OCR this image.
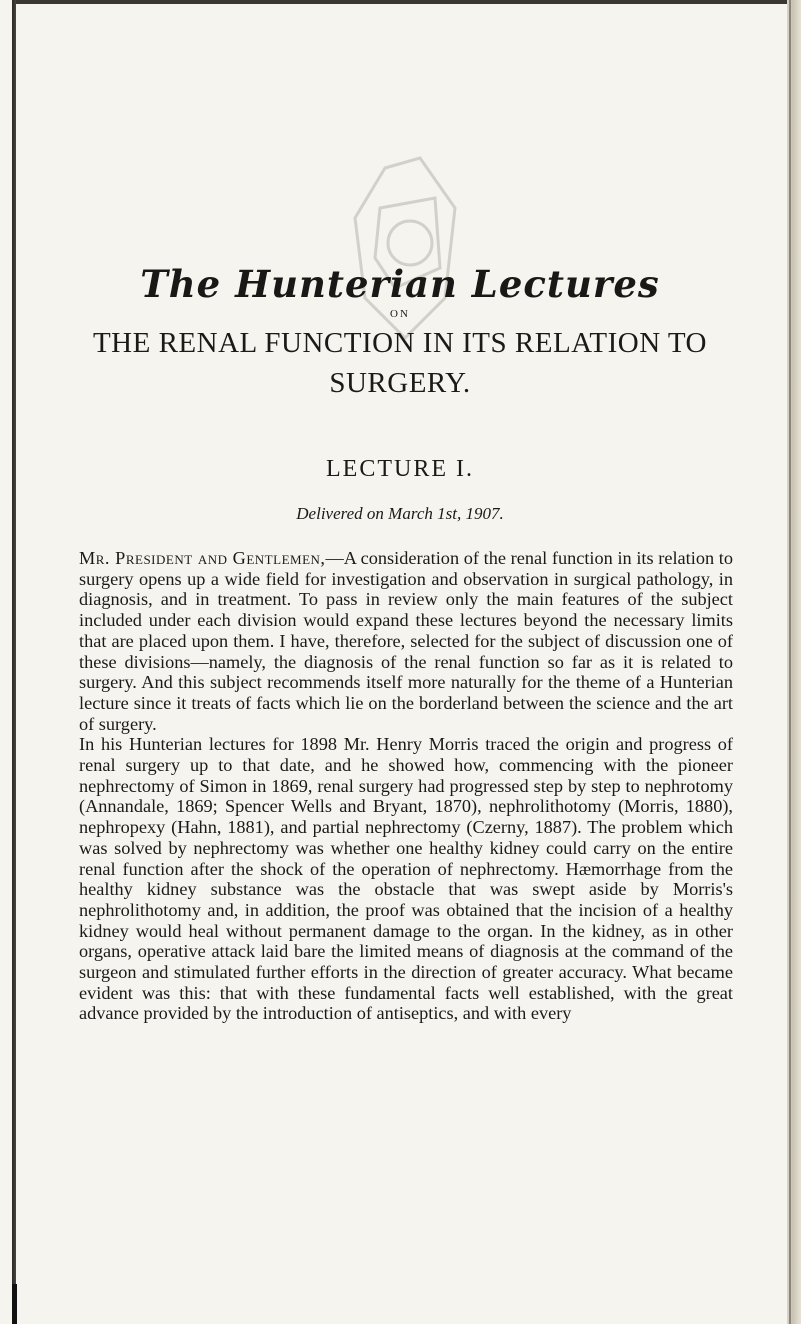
The Hunterian Lectures
ON
THE RENAL FUNCTION IN ITS RELATION TO
SURGERY.
LECTURE I.
Delivered on March 1st, 1907.

Mr. President and Gentlemen,—A consideration of the renal function in its relation to surgery opens up a wide field for investigation and observation in surgical pathology, in diagnosis, and in treatment. To pass in review only the main features of the subject included under each division would expand these lectures beyond the necessary limits that are placed upon them. I have, therefore, selected for the subject of discussion one of these divisions—namely, the diagnosis of the renal function so far as it is related to surgery. And this subject recommends itself more naturally for the theme of a Hunterian lecture since it treats of facts which lie on the borderland between the science and the art of surgery.

In his Hunterian lectures for 1898 Mr. Henry Morris traced the origin and progress of renal surgery up to that date, and he showed how, commencing with the pioneer nephrectomy of Simon in 1869, renal surgery had progressed step by step to nephrotomy (Annandale, 1869; Spencer Wells and Bryant, 1870), nephrolithotomy (Morris, 1880), nephropexy (Hahn, 1881), and partial nephrectomy (Czerny, 1887). The problem which was solved by nephrectomy was whether one healthy kidney could carry on the entire renal function after the shock of the operation of nephrectomy. Hæmorrhage from the healthy kidney substance was the obstacle that was swept aside by Morris's nephrolithotomy and, in addition, the proof was obtained that the incision of a healthy kidney would heal without permanent damage to the organ. In the kidney, as in other organs, operative attack laid bare the limited means of diagnosis at the command of the surgeon and stimulated further efforts in the direction of greater accuracy. What became evident was this: that with these fundamental facts well established, with the great advance provided by the introduction of antiseptics, and with every
